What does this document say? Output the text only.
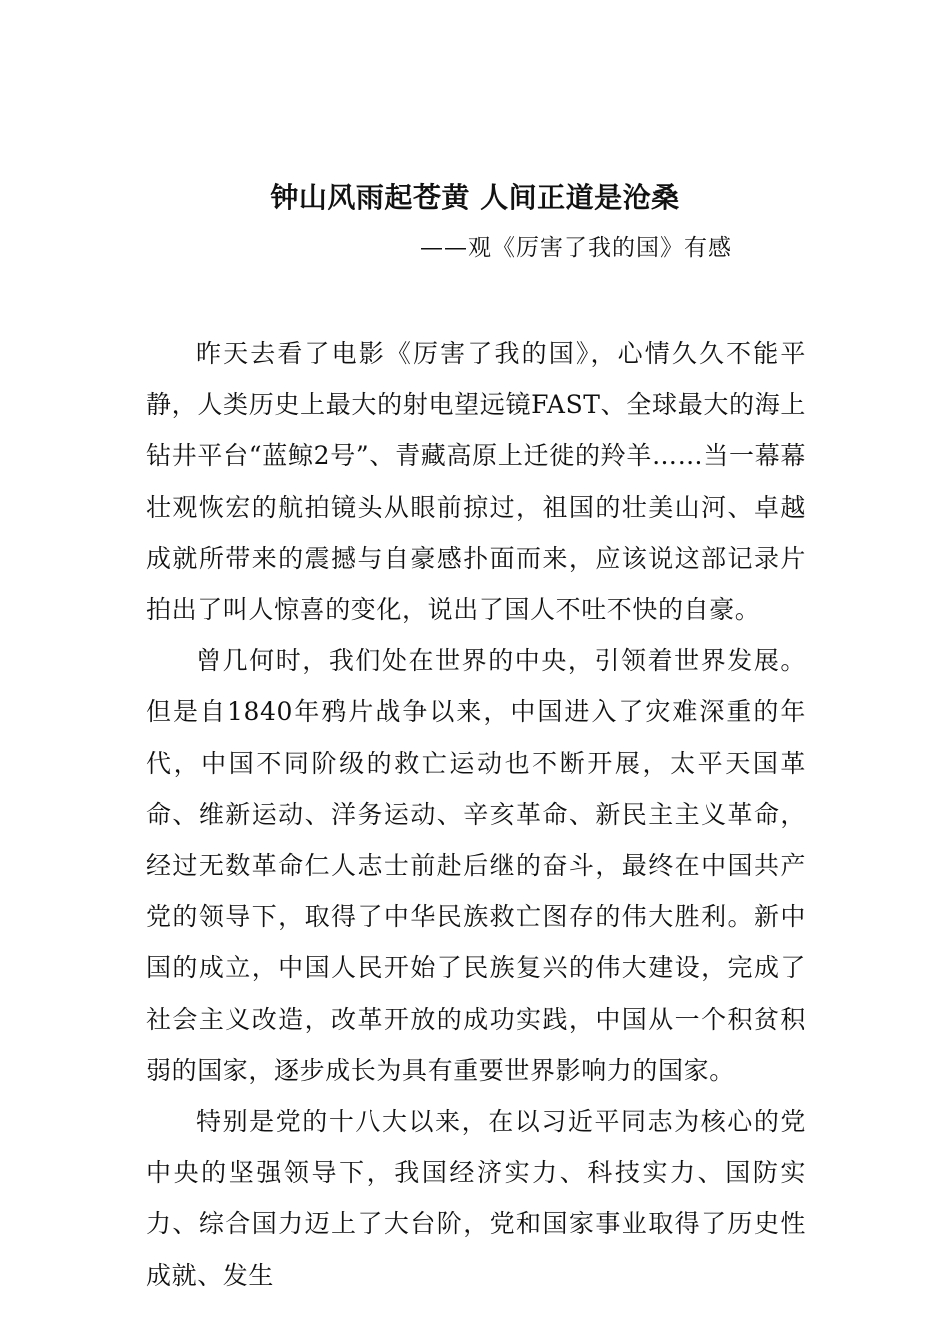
钟山风雨起苍黄 人间正道是沧桑
——观《厉害了我的国》有感

昨天去看了电影《厉害了我的国》，心情久久不能平静，人类历史上最大的射电望远镜FAST、全球最大的海上钻井平台“蓝鲸2号”、青藏高原上迁徙的羚羊……当一幕幕壮观恢宏的航拍镜头从眼前掠过，祖国的壮美山河、卓越成就所带来的震撼与自豪感扑面而来，应该说这部记录片拍出了叫人惊喜的变化，说出了国人不吐不快的自豪。

曾几何时，我们处在世界的中央，引领着世界发展。但是自1840年鸦片战争以来，中国进入了灾难深重的年代，中国不同阶级的救亡运动也不断开展，太平天国革命、维新运动、洋务运动、辛亥革命、新民主主义革命，经过无数革命仁人志士前赴后继的奋斗，最终在中国共产党的领导下，取得了中华民族救亡图存的伟大胜利。新中国的成立，中国人民开始了民族复兴的伟大建设，完成了社会主义改造，改革开放的成功实践，中国从一个积贫积弱的国家，逐步成长为具有重要世界影响力的国家。

特别是党的十八大以来，在以习近平同志为核心的党中央的坚强领导下，我国经济实力、科技实力、国防实力、综合国力迈上了大台阶，党和国家事业取得了历史性成就、发生
